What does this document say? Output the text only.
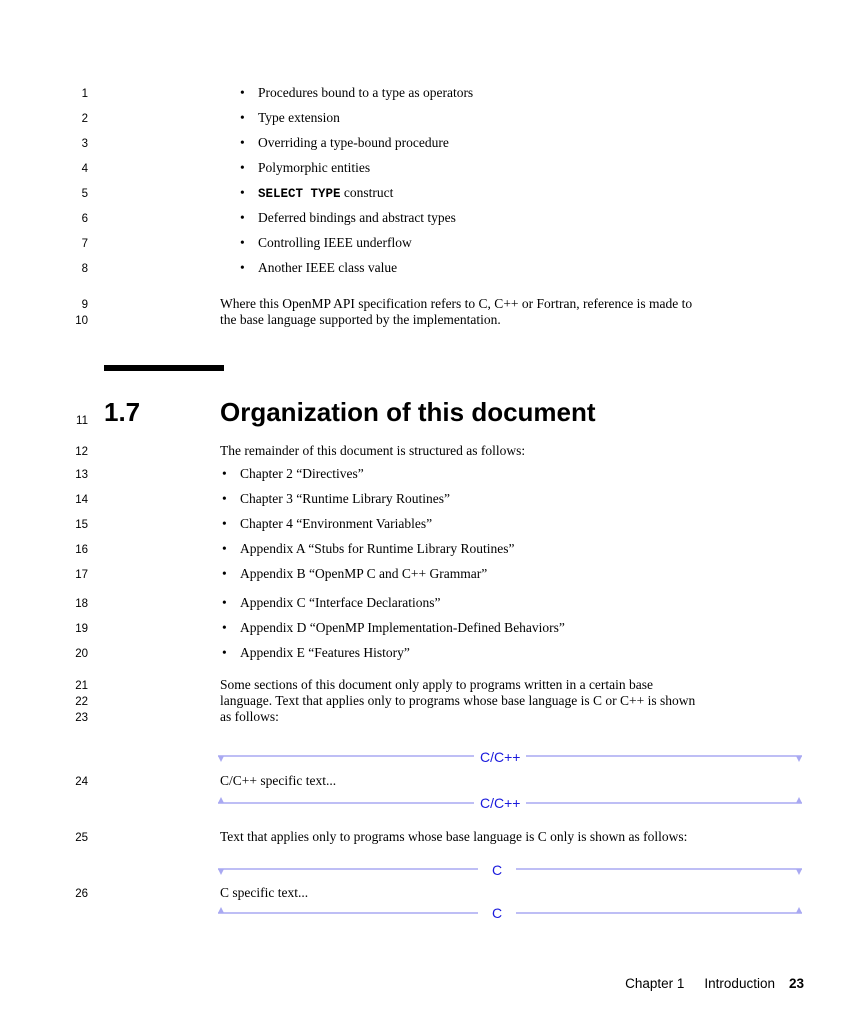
1
2
3
4
5
6
7
8
9
10
11
12
13
14
15
16
17
18
19
20
21
22
23
24
25
26
• Procedures bound to a type as operators
• Type extension
• Overriding a type-bound procedure
• Polymorphic entities
• SELECT TYPE construct
• Deferred bindings and abstract types
• Controlling IEEE underflow
• Another IEEE class value
Where this OpenMP API specification refers to C, C++ or Fortran, reference is made to
the base language supported by the implementation.
1.7	Organization of this document
The remainder of this document is structured as follows:
• Chapter 2 “Directives”
• Chapter 3 “Runtime Library Routines”
• Chapter 4 “Environment Variables”
• Appendix A “Stubs for Runtime Library Routines”
• Appendix B “OpenMP C and C++ Grammar”
• Appendix C “Interface Declarations”
• Appendix D “OpenMP Implementation-Defined Behaviors”
• Appendix E “Features History”
Some sections of this document only apply to programs written in a certain base
language. Text that applies only to programs whose base language is C or C++ is shown
as follows:
C/C++
C/C++ specific text...
C/C++
Text that applies only to programs whose base language is C only is shown as follows:
C
C specific text...
C
Chapter 1 Introduction 23
